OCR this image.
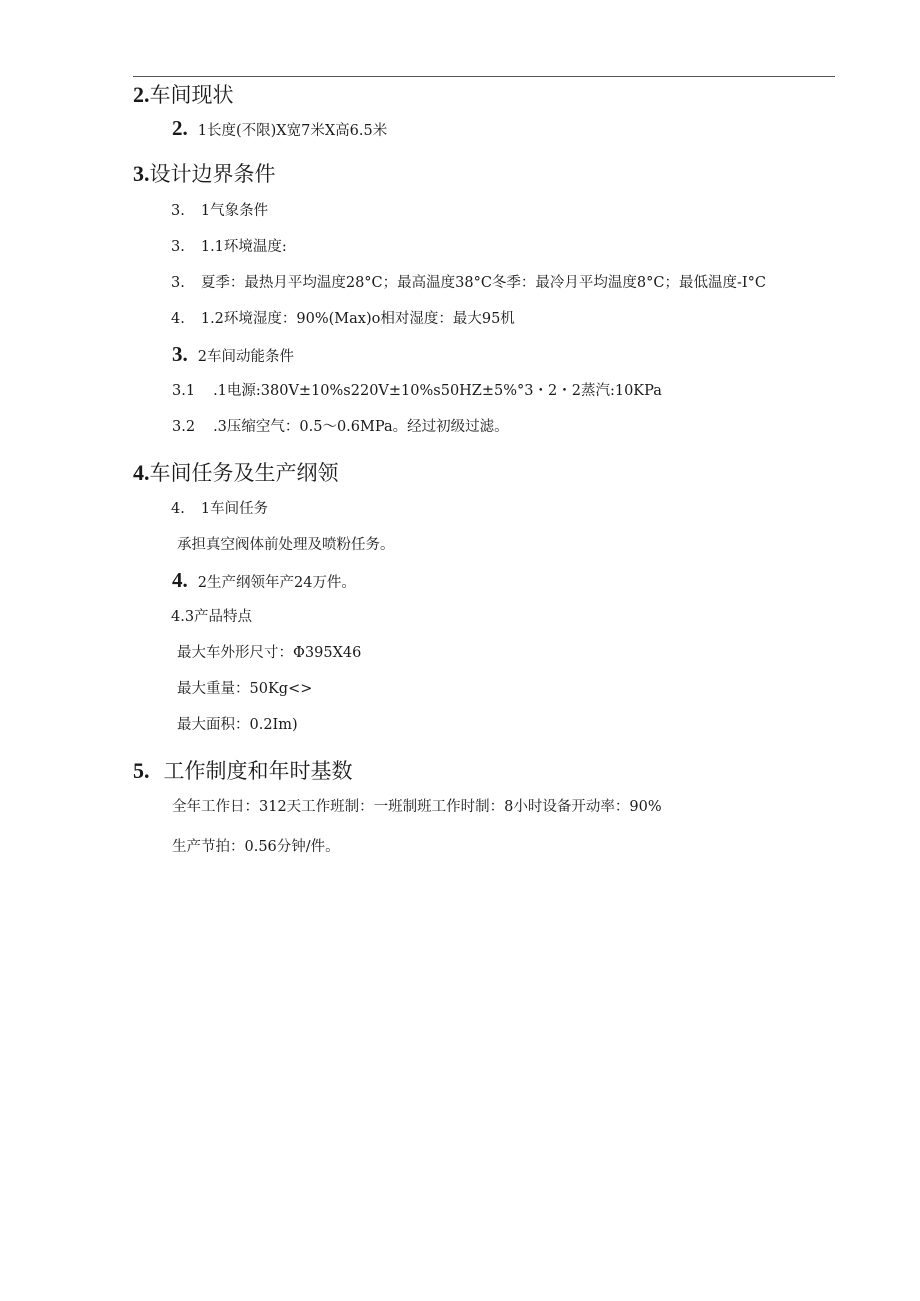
2.车间现状
2. 1长度(不限)X宽7米X高6.5米
3.设计边界条件
3. 1气象条件
3. 1.1环境温度:
3. 夏季：最热月平均温度28°C；最高温度38°C冬季：最冷月平均温度8°C；最低温度-I°C
4. 1.2环境湿度：90%(Max)o相对湿度：最大95机
3. 2车间动能条件
3.1 .1电源:380V±10%s220V±10%s50HZ±5%°3・2・2蒸汽:10KPa
3.2 .3压缩空气：0.5～0.6MPa。经过初级过滤。
4.车间任务及生产纲领
4. 1车间任务
承担真空阀体前处理及喷粉任务。
4. 2生产纲领年产24万件。
4.3产品特点
最大车外形尺寸：Φ395X46
最大重量：50Kg<>
最大面积：0.2Im)
5. 工作制度和年时基数
全年工作日：312天工作班制：一班制班工作时制：8小时设备开动率：90%
生产节拍：0.56分钟/件。
